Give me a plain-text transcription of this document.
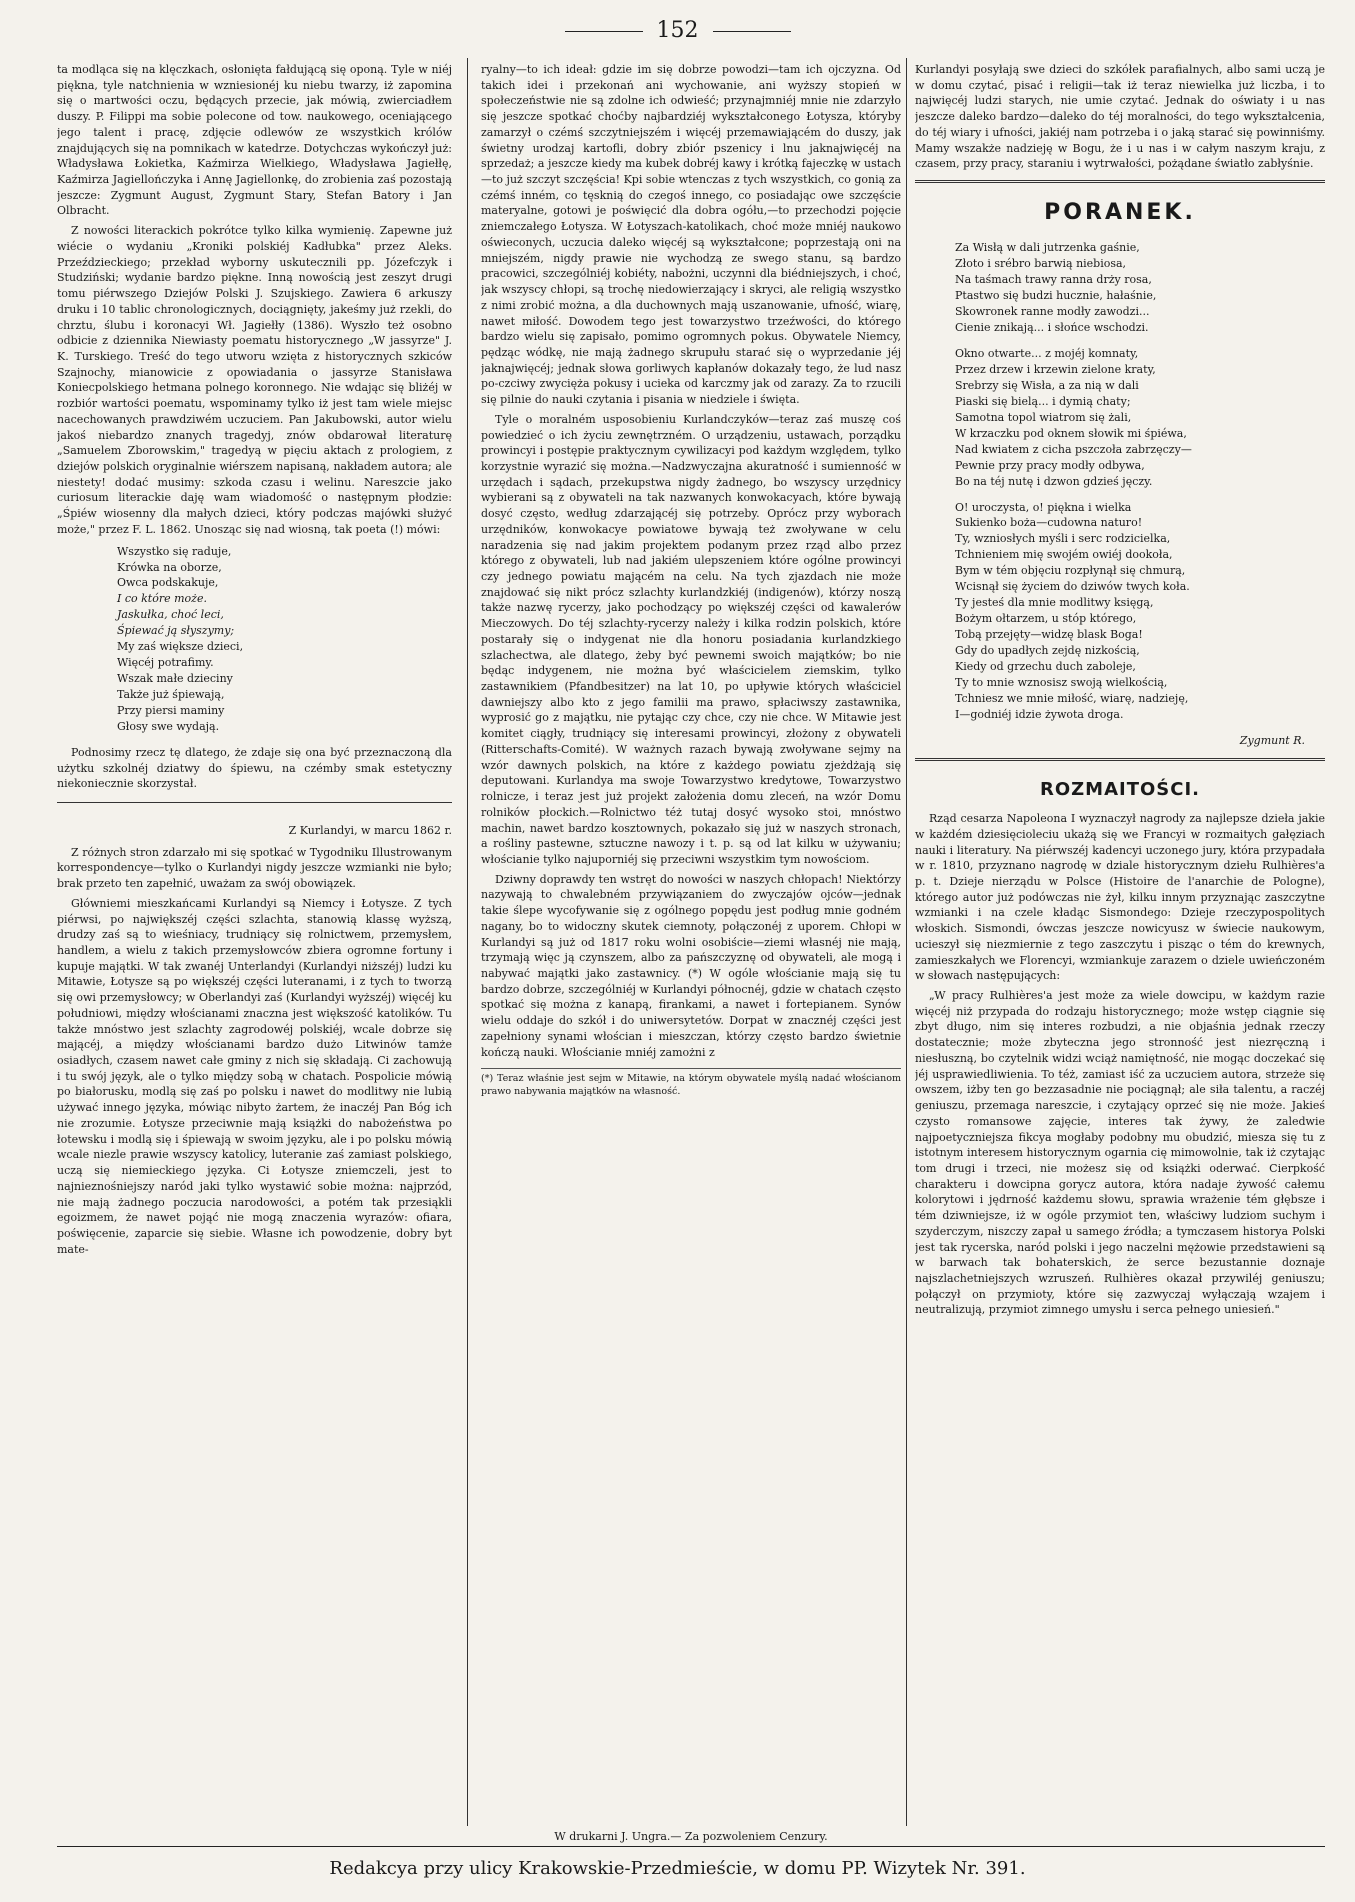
152

ta modląca się na klęczkach, osłonięta fałdującą się oponą. Tyle w niéj piękna, tyle natchnienia w wzniesionéj ku niebu twarzy, iż zapomina się o martwości oczu, będących przecie, jak mówią, zwierciadłem duszy. P. Filippi ma sobie polecone od tow. naukowego, oceniającego jego talent i pracę, zdjęcie odlewów ze wszystkich królów znajdujących się na pomnikach w katedrze. Dotychczas wykończył już: Władysława Łokietka, Kaźmirza Wielkiego, Władysława Jagiełłę, Kaźmirza Jagiellończyka i Annę Jagiellonkę, do zrobienia zaś pozostają jeszcze: Zygmunt August, Zygmunt Stary, Stefan Batory i Jan Olbracht.

Z nowości literackich pokrótce tylko kilka wymienię. Zapewne już wiécie o wydaniu „Kroniki polskiéj Kadłubka" przez Aleks. Przeździeckiego; przekład wyborny uskutecznili pp. Józefczyk i Studziński; wydanie bardzo piękne. Inną nowością jest zeszyt drugi tomu piérwszego Dziejów Polski J. Szujskiego. Zawiera 6 arkuszy druku i 10 tablic chronologicznych, dociągnięty, jakeśmy już rzekli, do chrztu, ślubu i koronacyi Wł. Jagiełły (1386). Wyszło też osobno odbicie z dziennika Niewiasty poematu historycznego „W jassyrze" J. K. Turskiego. Treść do tego utworu wzięta z historycznych szkiców Szajnochy, mianowicie z opowiadania o jassyrze Stanisława Koniecpolskiego hetmana polnego koronnego. Nie wdając się bliżéj w rozbiór wartości poematu, wspominamy tylko iż jest tam wiele miejsc nacechowanych prawdziwém uczuciem. Pan Jakubowski, autor wielu jakoś niebardzo znanych tragedyj, znów obdarował literaturę „Samuelem Zborowskim," tragedyą w pięciu aktach z prologiem, z dziejów polskich oryginalnie wiérszem napisaną, nakładem autora; ale niestety! dodać musimy: szkoda czasu i welinu. Nareszcie jako curiosum literackie daję wam wiadomość o następnym płodzie: „Śpiéw wiosenny dla małych dzieci, który podczas majówki służyć może," przez F. L. 1862. Unosząc się nad wiosną, tak poeta (!) mówi:

Wszystko się raduje,
Krówka na oborze,
Owca podskakuje,
I co które może.
Jaskułka, choć leci,
Śpiewać ją słyszymy;
My zaś większe dzieci,
Więcéj potrafimy.
Wszak małe dzieciny
Także już śpiewają,
Przy piersi maminy
Głosy swe wydają.

Podnosimy rzecz tę dlatego, że zdaje się ona być przeznaczoną dla użytku szkolnéj dziatwy do śpiewu, na czémby smak estetyczny niekoniecznie skorzystał.

Z Kurlandyi, w marcu 1862 r.

Z różnych stron zdarzało mi się spotkać w Tygodniku Illustrowanym korrespondencye—tylko o Kurlandyi nigdy jeszcze wzmianki nie było; brak przeto ten zapełnić, uważam za swój obowiązek.

Główniemi mieszkańcami Kurlandyi są Niemcy i Łotysze. Z tych piérwsi, po największéj części szlachta, stanowią klassę wyższą, drudzy zaś są to wieśniacy, trudniący się rolnictwem, przemysłem, handlem, a wielu z takich przemysłowców zbiera ogromne fortuny i kupuje majątki. W tak zwanéj Unterlandyi (Kurlandyi niższéj) ludzi ku Mitawie, Łotysze są po większéj części luteranami, i z tych to tworzą się owi przemysłowcy; w Oberlandyi zaś (Kurlandyi wyższéj) więcéj ku południowi, między włościanami znaczna jest większość katolików. Tu także mnóstwo jest szlachty zagrodowéj polskiéj, wcale dobrze się mającéj, a między włościanami bardzo dużo Litwinów tamże osiadłych, czasem nawet całe gminy z nich się składają. Ci zachowują i tu swój język, ale o tylko między sobą w chatach. Pospolicie mówią po białorusku, modlą się zaś po polsku i nawet do modlitwy nie lubią używać innego języka, mówiąc nibyto żartem, że inaczéj Pan Bóg ich nie zrozumie. Łotysze przeciwnie mają książki do nabożeństwa po łotewsku i modlą się i śpiewają w swoim języku, ale i po polsku mówią wcale niezle prawie wszyscy katolicy, luteranie zaś zamiast polskiego, uczą się niemieckiego języka. Ci Łotysze zniemczeli, jest to najnieznośniejszy naród jaki tylko wystawić sobie można: najprzód, nie mają żadnego poczucia narodowości, a potém tak przesiąkli egoizmem, że nawet pojąć nie mogą znaczenia wyrazów: ofiara, poświęcenie, zaparcie się siebie. Własne ich powodzenie, dobry byt mate-

ryalny—to ich ideał: gdzie im się dobrze powodzi—tam ich ojczyzna. Od takich idei i przekonań ani wychowanie, ani wyższy stopień w społeczeństwie nie są zdolne ich odwieść; przynajmniéj mnie nie zdarzyło się jeszcze spotkać choćby najbardziéj wykształconego Łotysza, któryby zamarzył o czémś szczytniejszém i więcéj przemawiającém do duszy, jak świetny urodzaj kartofli, dobry zbiór pszenicy i lnu jaknajwięcéj na sprzedaż; a jeszcze kiedy ma kubek dobréj kawy i krótką fajeczkę w ustach—to już szczyt szczęścia! Kpi sobie wtenczas z tych wszystkich, co gonią za czémś inném, co tęsknią do czegoś innego, co posiadając owe szczęście materyalne, gotowi je poświęcić dla dobra ogółu,—to przechodzi pojęcie zniemczałego Łotysza. W Łotyszach-katolikach, choć może mniéj naukowo oświeconych, uczucia daleko więcéj są wykształcone; poprzestają oni na mniejszém, nigdy prawie nie wychodzą ze swego stanu, są bardzo pracowici, szczególniéj kobiéty, nabożni, uczynni dla biédniejszych, i choć, jak wszyscy chłopi, są trochę niedowierzający i skryci, ale religią wszystko z nimi zrobić można, a dla duchownych mają uszanowanie, ufność, wiarę, nawet miłość. Dowodem tego jest towarzystwo trzeźwości, do którego bardzo wielu się zapisało, pomimo ogromnych pokus. Obywatele Niemcy, pędząc wódkę, nie mają żadnego skrupułu starać się o wyprzedanie jéj jaknajwięcéj; jednak słowa gorliwych kapłanów dokazały tego, że lud nasz po-czciwy zwycięża pokusy i ucieka od karczmy jak od zarazy. Za to rzucili się pilnie do nauki czytania i pisania w niedziele i święta.

Tyle o moralném usposobieniu Kurlandczyków—teraz zaś muszę coś powiedzieć o ich życiu zewnętrzném. O urządzeniu, ustawach, porządku prowincyi i postępie praktycznym cywilizacyi pod każdym względem, tylko korzystnie wyrazić się można.—Nadzwyczajna akuratność i sumienność w urzędach i sądach, przekupstwa nigdy żadnego, bo wszyscy urzędnicy wybierani są z obywateli na tak nazwanych konwokacyach, które bywają dosyć często, według zdarzającéj się potrzeby. Oprócz przy wyborach urzędników, konwokacye powiatowe bywają też zwoływane w celu naradzenia się nad jakim projektem podanym przez rząd albo przez którego z obywateli, lub nad jakiém ulepszeniem które ogólne prowincyi czy jednego powiatu mającém na celu. Na tych zjazdach nie może znajdować się nikt prócz szlachty kurlandzkiéj (indigenów), którzy noszą także nazwę rycerzy, jako pochodzący po większéj części od kawalerów Mieczowych. Do téj szlachty-rycerzy należy i kilka rodzin polskich, które postarały się o indygenat nie dla honoru posiadania kurlandzkiego szlachectwa, ale dlatego, żeby być pewnemi swoich majątków; bo nie będąc indygenem, nie można być właścicielem ziemskim, tylko zastawnikiem (Pfandbesitzer) na lat 10, po upływie których właściciel dawniejszy albo kto z jego familii ma prawo, spłaciwszy zastawnika, wyprosić go z majątku, nie pytając czy chce, czy nie chce. W Mitawie jest komitet ciągły, trudniący się interesami prowincyi, złożony z obywateli (Ritterschafts-Comité). W ważnych razach bywają zwoływane sejmy na wzór dawnych polskich, na które z każdego powiatu zjeżdżają się deputowani. Kurlandya ma swoje Towarzystwo kredytowe, Towarzystwo rolnicze, i teraz jest już projekt założenia domu zleceń, na wzór Domu rolników płockich.—Rolnictwo téż tutaj dosyć wysoko stoi, mnóstwo machin, nawet bardzo kosztownych, pokazało się już w naszych stronach, a rośliny pastewne, sztuczne nawozy i t. p. są od lat kilku w używaniu; włościanie tylko najuporniéj się przeciwni wszystkim tym nowościom.

Dziwny doprawdy ten wstręt do nowości w naszych chłopach! Niektórzy nazywają to chwalebném przywiązaniem do zwyczajów ojców—jednak takie ślepe wycofywanie się z ogólnego popędu jest podług mnie godném nagany, bo to widoczny skutek ciemnoty, połączonéj z uporem. Chłopi w Kurlandyi są już od 1817 roku wolni osobiście—ziemi własnéj nie mają, trzymają więc ją czynszem, albo za pańszczyznę od obywateli, ale mogą i nabywać majątki jako zastawnicy. (*) W ogóle włościanie mają się tu bardzo dobrze, szczególniéj w Kurlandyi północnéj, gdzie w chatach często spotkać się można z kanapą, firankami, a nawet i fortepianem. Synów wielu oddaje do szkół i do uniwersytetów. Dorpat w znacznéj części jest zapełniony synami włościan i mieszczan, którzy często bardzo świetnie kończą nauki. Włościanie mniéj zamożni z

(*) Teraz właśnie jest sejm w Mitawie, na którym obywatele myślą nadać włościanom prawo nabywania majątków na własność.

Kurlandyi posyłają swe dzieci do szkółek parafialnych, albo sami uczą je w domu czytać, pisać i religii—tak iż teraz niewielka już liczba, i to najwięcéj ludzi starych, nie umie czytać. Jednak do oświaty i u nas jeszcze daleko bardzo—daleko do téj moralności, do tego wykształcenia, do téj wiary i ufności, jakiéj nam potrzeba i o jaką starać się powinniśmy. Mamy wszakże nadzieję w Bogu, że i u nas i w całym naszym kraju, z czasem, przy pracy, staraniu i wytrwałości, pożądane światło zabłyśnie.

PORANEK.
Za Wisłą w dali jutrzenka gaśnie,
Złoto i srébro barwią niebiosa,
Na taśmach trawy ranna drży rosa,
Ptastwo się budzi hucznie, hałaśnie,
Skowronek ranne modły zawodzi...
Cienie znikają... i słońce wschodzi.
Okno otwarte... z mojéj komnaty,
Przez drzew i krzewin zielone kraty,
Srebrzy się Wisła, a za nią w dali
Piaski się bielą... i dymią chaty;
Samotna topol wiatrom się żali,
W krzaczku pod oknem słowik mi śpiéwa,
Nad kwiatem z cicha pszczoła zabrzęczy—
Pewnie przy pracy modły odbywa,
Bo na téj nutę i dzwon gdzieś jęczy.
O! uroczysta, o! piękna i wielka
Sukienko boża—cudowna naturo!
Ty, wzniosłych myśli i serc rodzicielka,
Tchnieniem mię swojém owiéj dookoła,
Bym w tém objęciu rozpłynął się chmurą,
Wcisnął się życiem do dziwów twych koła.
Ty jesteś dla mnie modlitwy księgą,
Bożym ołtarzem, u stóp którego,
Tobą przejęty—widzę blask Boga!
Gdy do upadłych zejdę nizkością,
Kiedy od grzechu duch zaboleje,
Ty to mnie wznosisz swoją wielkością,
Tchniesz we mnie miłość, wiarę, nadzieję,
I—godniéj idzie żywota droga.
Zygmunt R.
ROZMAITOŚCI.

Rząd cesarza Napoleona I wyznaczył nagrody za najlepsze dzieła jakie w każdém dziesięcioleciu ukażą się we Francyi w rozmaitych gałęziach nauki i literatury. Na piérwszéj kadencyi uczonego jury, która przypadała w r. 1810, przyznano nagrodę w dziale historycznym dziełu Rulhières'a p. t. Dzieje nierządu w Polsce (Histoire de l'anarchie de Pologne), którego autor już podówczas nie żył, kilku innym przyznając zaszczytne wzmianki i na czele kładąc Sismondego: Dzieje rzeczypospolitych włoskich. Sismondi, ówczas jeszcze nowicyusz w świecie naukowym, ucieszył się niezmiernie z tego zaszczytu i pisząc o tém do krewnych, zamieszkałych we Florencyi, wzmiankuje zarazem o dziele uwieńczoném w słowach następujących:

„W pracy Rulhières'a jest może za wiele dowcipu, w każdym razie więcéj niż przypada do rodzaju historycznego; może wstęp ciągnie się zbyt długo, nim się interes rozbudzi, a nie objaśnia jednak rzeczy dostatecznie; może zbyteczna jego stronność jest niezręczną i niesłuszną, bo czytelnik widzi wciąż namiętność, nie mogąc doczekać się jéj usprawiedliwienia. To téż, zamiast iść za uczuciem autora, strzeże się owszem, iżby ten go bezzasadnie nie pociągnął; ale siła talentu, a raczéj geniuszu, przemaga nareszcie, i czytający oprzeć się nie może. Jakieś czysto romansowe zajęcie, interes tak żywy, że zaledwie najpoetyczniejsza fikcya mogłaby podobny mu obudzić, miesza się tu z istotnym interesem historycznym ogarnia cię mimowolnie, tak iż czytając tom drugi i trzeci, nie możesz się od książki oderwać. Cierpkość charakteru i dowcipna gorycz autora, która nadaje żywość całemu kolorytowi i jędrność każdemu słowu, sprawia wrażenie tém głębsze i tém dziwniejsze, iż w ogóle przymiot ten, właściwy ludziom suchym i szyderczym, niszczy zapał u samego źródła; a tymczasem historya Polski jest tak rycerska, naród polski i jego naczelni mężowie przedstawieni są w barwach tak bohaterskich, że serce bezustannie doznaje najszlachetniejszych wzruszeń. Rulhières okazał przywiléj geniuszu; połączył on przymioty, które się zazwyczaj wyłączają wzajem i neutralizują, przymiot zimnego umysłu i serca pełnego uniesień."

W drukarni J. Ungra.— Za pozwoleniem Cenzury.
Redakcya przy ulicy Krakowskie-Przedmieście, w domu PP. Wizytek Nr. 391.
